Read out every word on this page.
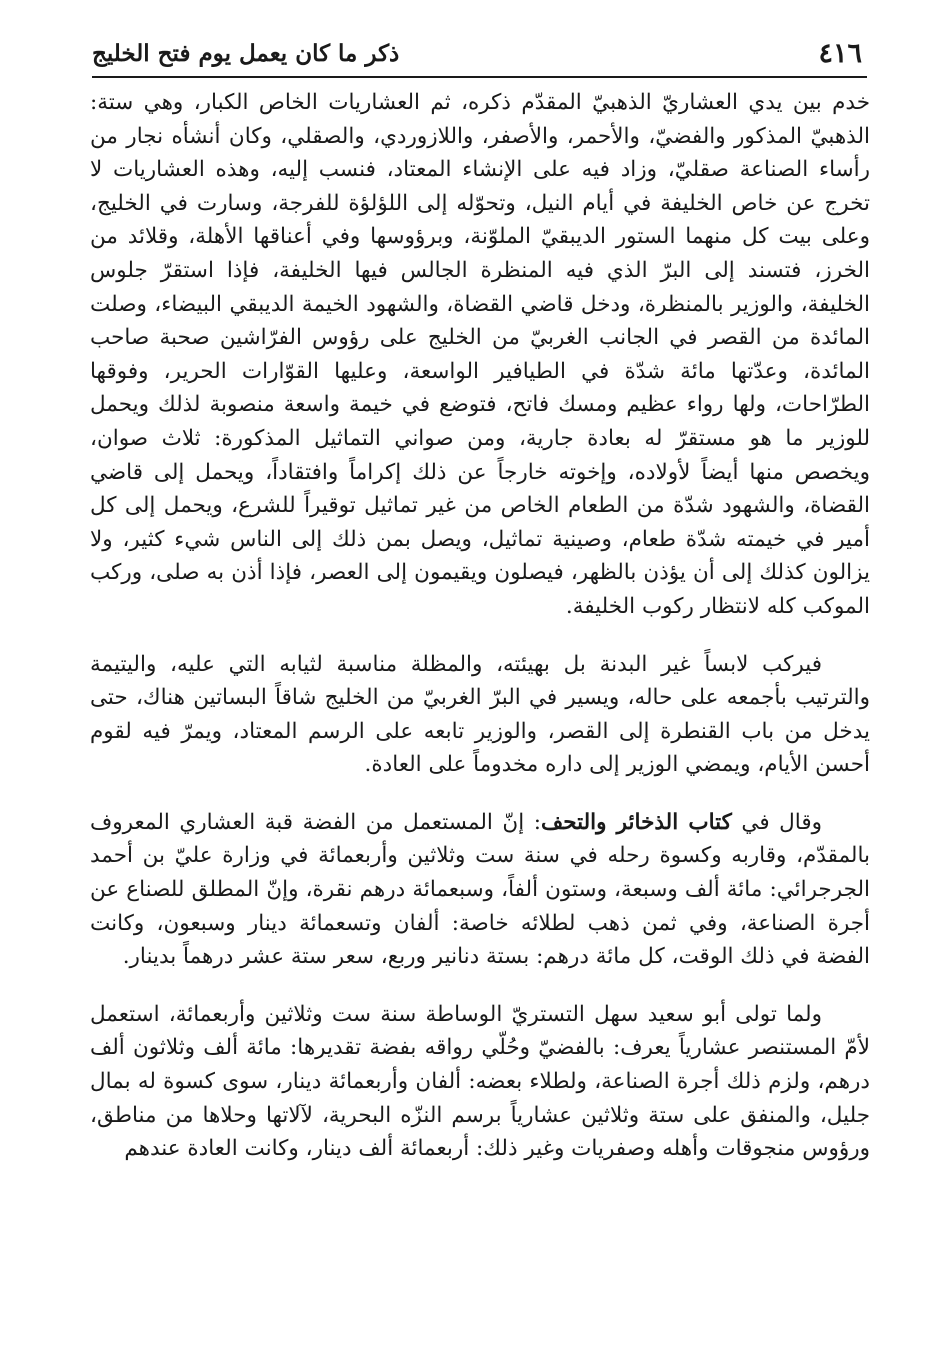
٤١٦
ذكر ما كان يعمل يوم فتح الخليج

خدم بين يدي العشاريّ الذهبيّ المقدّم ذكره، ثم العشاريات الخاص الكبار، وهي ستة: الذهبيّ المذكور والفضيّ، والأحمر، والأصفر، واللازوردي، والصقلي، وكان أنشأه نجار من رأساء الصناعة صقليّ، وزاد فيه على الإنشاء المعتاد، فنسب إليه، وهذه العشاريات لا تخرج عن خاص الخليفة في أيام النيل، وتحوّله إلى اللؤلؤة للفرجة، وسارت في الخليج، وعلى بيت كل منهما الستور الديبقيّ الملوّنة، وبرؤوسها وفي أعناقها الأهلة، وقلائد من الخرز، فتسند إلى البرّ الذي فيه المنظرة الجالس فيها الخليفة، فإذا استقرّ جلوس الخليفة، والوزير بالمنظرة، ودخل قاضي القضاة، والشهود الخيمة الديبقي البيضاء، وصلت المائدة من القصر في الجانب الغربيّ من الخليج على رؤوس الفرّاشين صحبة صاحب المائدة، وعدّتها مائة شدّة في الطيافير الواسعة، وعليها القوّارات الحرير، وفوقها الطرّاحات، ولها رواء عظيم ومسك فاتح، فتوضع في خيمة واسعة منصوبة لذلك ويحمل للوزير ما هو مستقرّ له بعادة جارية، ومن صواني التماثيل المذكورة: ثلاث صوان، ويخصص منها أيضاً لأولاده، وإخوته خارجاً عن ذلك إكراماً وافتقاداً، ويحمل إلى قاضي القضاة، والشهود شدّة من الطعام الخاص من غير تماثيل توقيراً للشرع، ويحمل إلى كل أمير في خيمته شدّة طعام، وصينية تماثيل، ويصل بمن ذلك إلى الناس شيء كثير، ولا يزالون كذلك إلى أن يؤذن بالظهر، فيصلون ويقيمون إلى العصر، فإذا أذن به صلى، وركب الموكب كله لانتظار ركوب الخليفة.

فيركب لابساً غير البدنة بل بهيئته، والمظلة مناسبة لثيابه التي عليه، واليتيمة والترتيب بأجمعه على حاله، ويسير في البرّ الغربيّ من الخليج شاقاً البساتين هناك، حتى يدخل من باب القنطرة إلى القصر، والوزير تابعه على الرسم المعتاد، ويمرّ فيه لقوم أحسن الأيام، ويمضي الوزير إلى داره مخدوماً على العادة.

وقال في كتاب الذخائر والتحف: إنّ المستعمل من الفضة قبة العشاري المعروف بالمقدّم، وقاربه وكسوة رحله في سنة ست وثلاثين وأربعمائة في وزارة عليّ بن أحمد الجرجرائي: مائة ألف وسبعة، وستون ألفاً، وسبعمائة درهم نقرة، وإنّ المطلق للصناع عن أجرة الصناعة، وفي ثمن ذهب لطلائه خاصة: ألفان وتسعمائة دينار وسبعون، وكانت الفضة في ذلك الوقت، كل مائة درهم: بستة دنانير وربع، سعر ستة عشر درهماً بدينار.

ولما تولى أبو سعيد سهل التستريّ الوساطة سنة ست وثلاثين وأربعمائة، استعمل لأمّ المستنصر عشارياً يعرف: بالفضيّ وحُلّي رواقه بفضة تقديرها: مائة ألف وثلاثون ألف درهم، ولزم ذلك أجرة الصناعة، ولطلاء بعضه: ألفان وأربعمائة دينار، سوى كسوة له بمال جليل، والمنفق على ستة وثلاثين عشارياً برسم النزّه البحرية، لآلاتها وحلاها من مناطق، ورؤوس منجوقات وأهله وصفريات وغير ذلك: أربعمائة ألف دينار، وكانت العادة عندهم
